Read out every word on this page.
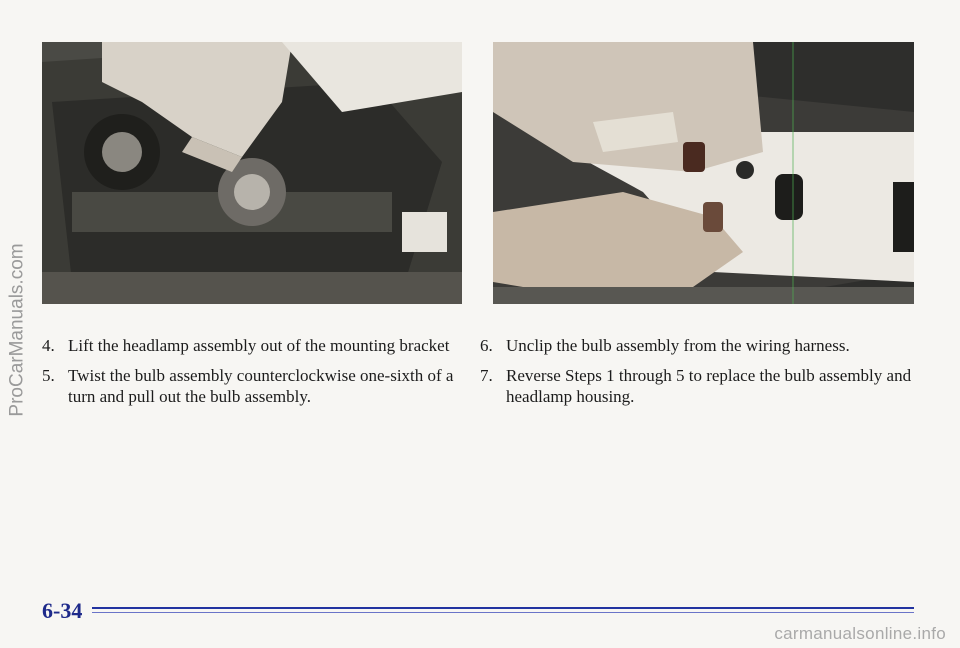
4. Lift the headlamp assembly out of the mounting bracket
5. Twist the bulb assembly counterclockwise one-sixth of a turn and pull out the bulb assembly.
6. Unclip the bulb assembly from the wiring harness.
7. Reverse Steps 1 through 5 to replace the bulb assembly and headlamp housing.
ProCarManuals.com
6-34
carmanualsonline.info
